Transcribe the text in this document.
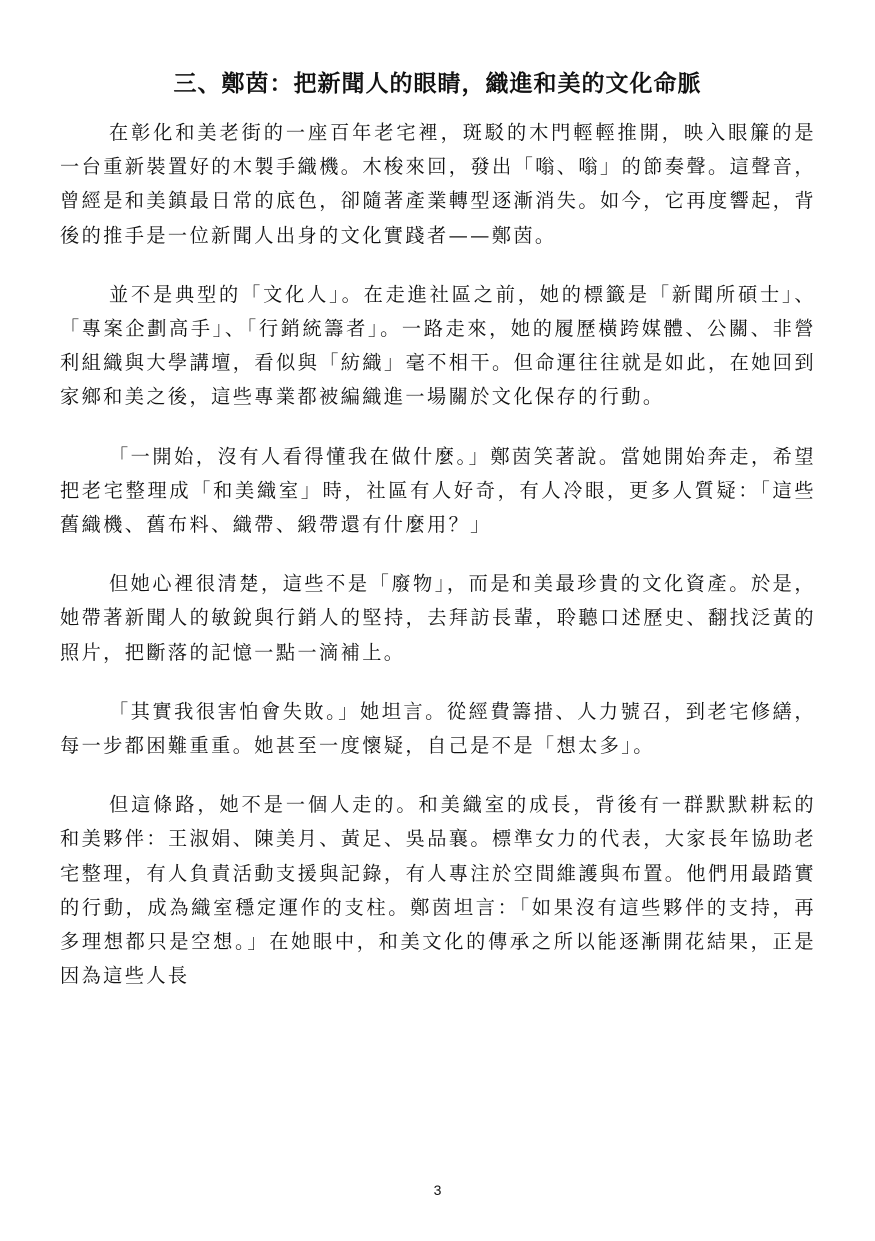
三、鄭茵：把新聞人的眼睛，織進和美的文化命脈

在彰化和美老街的一座百年老宅裡，斑駁的木門輕輕推開，映入眼簾的是一台重新裝置好的木製手織機。木梭來回，發出「嗡、嗡」的節奏聲。這聲音，曾經是和美鎮最日常的底色，卻隨著產業轉型逐漸消失。如今，它再度響起，背後的推手是一位新聞人出身的文化實踐者——鄭茵。

並不是典型的「文化人」。在走進社區之前，她的標籤是「新聞所碩士」、「專案企劃高手」、「行銷統籌者」。一路走來，她的履歷橫跨媒體、公關、非營利組織與大學講壇，看似與「紡織」毫不相干。但命運往往就是如此，在她回到家鄉和美之後，這些專業都被編織進一場關於文化保存的行動。

「一開始，沒有人看得懂我在做什麼。」鄭茵笑著說。當她開始奔走，希望把老宅整理成「和美織室」時，社區有人好奇，有人冷眼，更多人質疑：「這些舊織機、舊布料、織帶、緞帶還有什麼用？」

但她心裡很清楚，這些不是「廢物」，而是和美最珍貴的文化資產。於是，她帶著新聞人的敏銳與行銷人的堅持，去拜訪長輩，聆聽口述歷史、翻找泛黃的照片，把斷落的記憶一點一滴補上。

「其實我很害怕會失敗。」她坦言。從經費籌措、人力號召，到老宅修繕，每一步都困難重重。她甚至一度懷疑，自己是不是「想太多」。

但這條路，她不是一個人走的。和美織室的成長，背後有一群默默耕耘的和美夥伴：王淑娟、陳美月、黃足、吳品襄。標準女力的代表，大家長年協助老宅整理，有人負責活動支援與記錄，有人專注於空間維護與布置。他們用最踏實的行動，成為織室穩定運作的支柱。鄭茵坦言：「如果沒有這些夥伴的支持，再多理想都只是空想。」在她眼中，和美文化的傳承之所以能逐漸開花結果，正是因為這些人長

3
